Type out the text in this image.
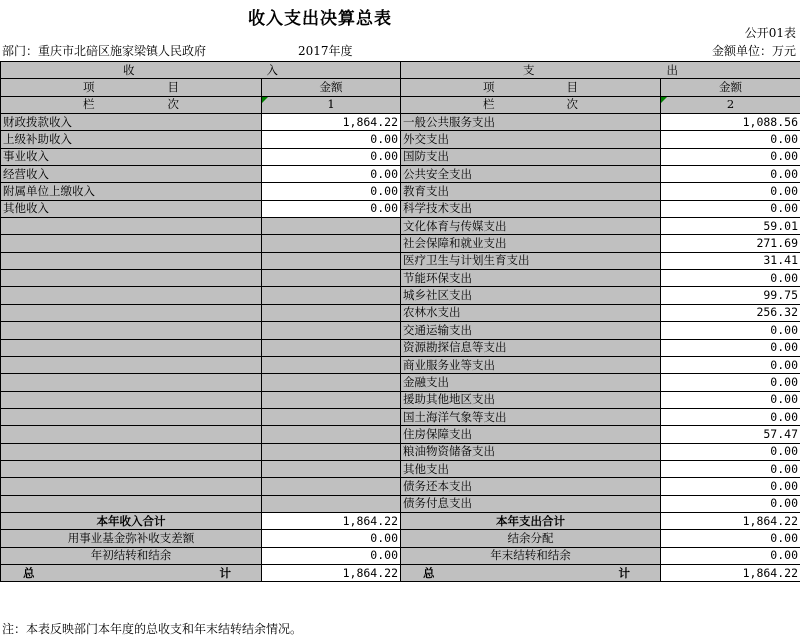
收入支出决算总表
公开01表
部门：重庆市北碚区施家梁镇人民政府	2017年度	金额单位：万元
收 入		支 出	

项 目	金额	项 目	金额

栏 次	1	栏 次	2
财政拨款收入	1,864.22	一般公共服务支出	1,088.56
上级补助收入	0.00	外交支出	0.00
事业收入	0.00	国防支出	0.00
经营收入	0.00	公共安全支出	0.00
附属单位上缴收入	0.00	教育支出	0.00
其他收入	0.00	科学技术支出	0.00
		文化体育与传媒支出	59.01
		社会保障和就业支出	271.69
		医疗卫生与计划生育支出	31.41
		节能环保支出	0.00
		城乡社区支出	99.75
		农林水支出	256.32
		交通运输支出	0.00
		资源勘探信息等支出	0.00
		商业服务业等支出	0.00
		金融支出	0.00
		援助其他地区支出	0.00
		国土海洋气象等支出	0.00
		住房保障支出	57.47
		粮油物资储备支出	0.00
		其他支出	0.00
		债务还本支出	0.00
		债务付息支出	0.00
本年收入合计	1,864.22	本年支出合计	1,864.22
用事业基金弥补收支差额	0.00	结余分配	0.00
年初结转和结余	0.00	年末结转和结余	0.00

总 计	1,864.22	总 计	1,864.22
注：本表反映部门本年度的总收支和年末结转结余情况。
